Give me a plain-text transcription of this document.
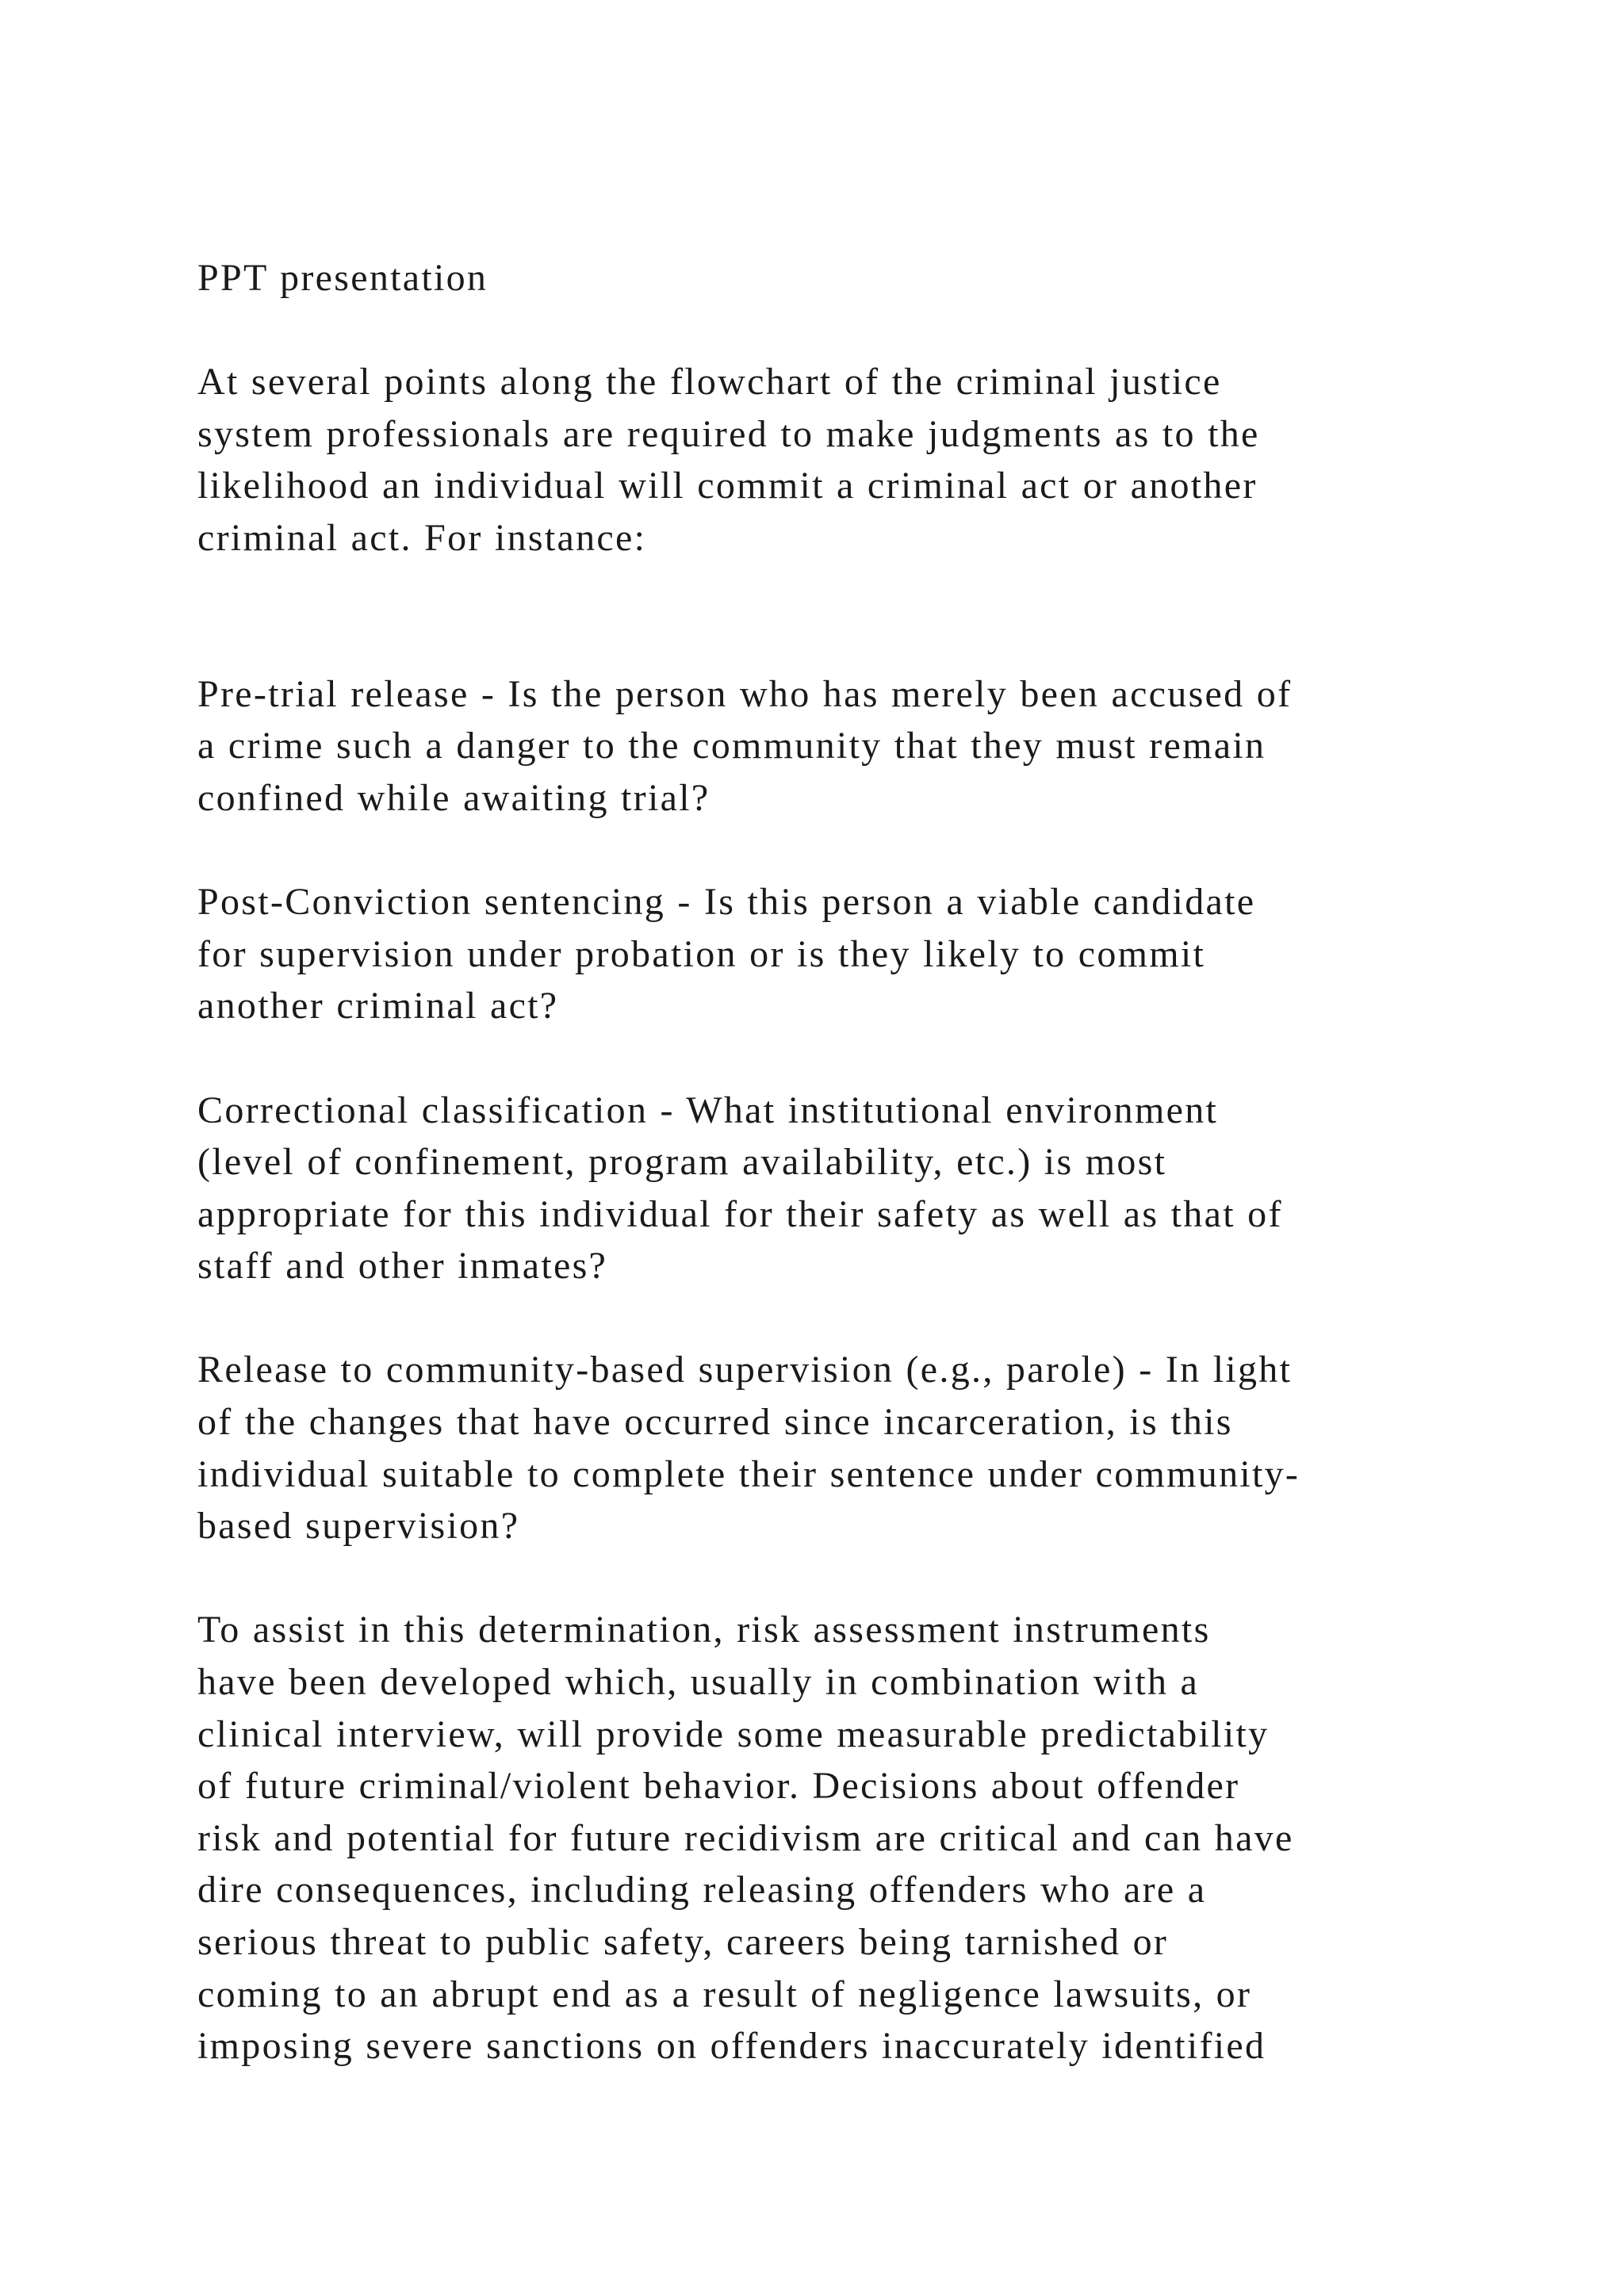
PPT presentation
At several points along the flowchart of the criminal justice
system professionals are required to make judgments as to the
likelihood an individual will commit a criminal act or another
criminal act. For instance:
Pre-trial release - Is the person who has merely been accused of
a crime such a danger to the community that they must remain
confined while awaiting trial?
Post-Conviction sentencing - Is this person a viable candidate
for supervision under probation or is they likely to commit
another criminal act?
Correctional classification - What institutional environment
(level of confinement, program availability, etc.) is most
appropriate for this individual for their safety as well as that of
staff and other inmates?
Release to community-based supervision (e.g., parole) - In light
of the changes that have occurred since incarceration, is this
individual suitable to complete their sentence under community-
based supervision?
To assist in this determination, risk assessment instruments
have been developed which, usually in combination with a
clinical interview, will provide some measurable predictability
of future criminal/violent behavior. Decisions about offender
risk and potential for future recidivism are critical and can have
dire consequences, including releasing offenders who are a
serious threat to public safety, careers being tarnished or
coming to an abrupt end as a result of negligence lawsuits, or
imposing severe sanctions on offenders inaccurately identified
